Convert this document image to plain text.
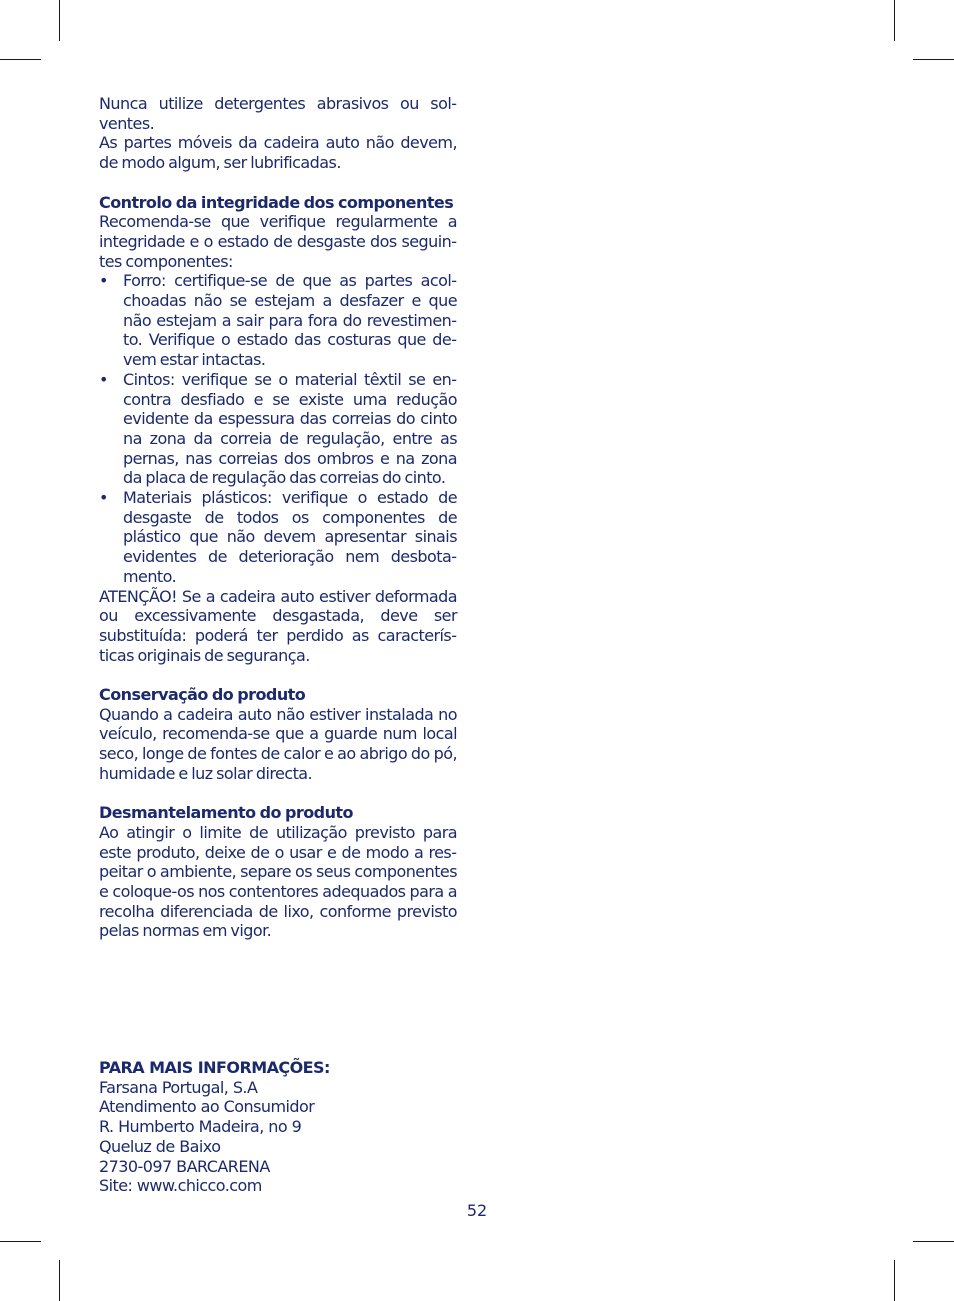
Nunca utilize detergentes abrasivos ou solventes.

As partes móveis da cadeira auto não devem, de modo algum, ser lubrificadas.

Controlo da integridade dos componentes

Recomenda-se que verifique regularmente a integridade e o estado de desgaste dos seguintes componentes:

• Forro: certifique-se de que as partes acolchoadas não se estejam a desfazer e que não estejam a sair para fora do revestimento. Verifique o estado das costuras que devem estar intactas.
• Cintos: verifique se o material têxtil se encontra desfiado e se existe uma redução evidente da espessura das correias do cinto na zona da correia de regulação, entre as pernas, nas correias dos ombros e na zona da placa de regulação das correias do cinto.
• Materiais plásticos: verifique o estado de desgaste de todos os componentes de plástico que não devem apresentar sinais evidentes de deterioração nem desbotamento.

ATENÇÃO! Se a cadeira auto estiver deformada ou excessivamente desgastada, deve ser substituída: poderá ter perdido as características originais de segurança.

Conservação do produto

Quando a cadeira auto não estiver instalada no veículo, recomenda-se que a guarde num local seco, longe de fontes de calor e ao abrigo do pó, humidade e luz solar directa.

Desmantelamento do produto

Ao atingir o limite de utilização previsto para este produto, deixe de o usar e de modo a respeitar o ambiente, separe os seus componentes e coloque-os nos contentores adequados para a recolha diferenciada de lixo, conforme previsto pelas normas em vigor.

PARA MAIS INFORMAÇÕES:
Farsana Portugal, S.A
Atendimento ao Consumidor
R. Humberto Madeira, no 9
Queluz de Baixo
2730-097 BARCARENA
Site: www.chicco.com
52
